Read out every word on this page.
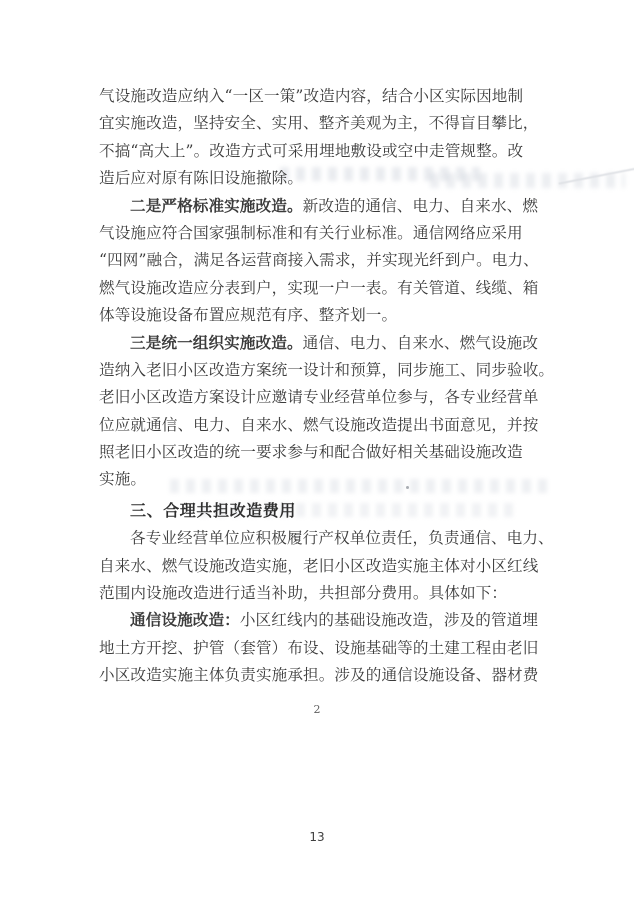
气设施改造应纳入“一区一策”改造内容，结合小区实际因地制
宜实施改造，坚持安全、实用、整齐美观为主，不得盲目攀比，
不搞“高大上”。改造方式可采用埋地敷设或空中走管规整。改
造后应对原有陈旧设施撤除。
二是严格标准实施改造。新改造的通信、电力、自来水、燃
气设施应符合国家强制标准和有关行业标准。通信网络应采用
“四网”融合，满足各运营商接入需求，并实现光纤到户。电力、
燃气设施改造应分表到户，实现一户一表。有关管道、线缆、箱
体等设施设备布置应规范有序、整齐划一。
三是统一组织实施改造。通信、电力、自来水、燃气设施改
造纳入老旧小区改造方案统一设计和预算，同步施工、同步验收。
老旧小区改造方案设计应邀请专业经营单位参与，各专业经营单
位应就通信、电力、自来水、燃气设施改造提出书面意见，并按
照老旧小区改造的统一要求参与和配合做好相关基础设施改造
实施。
三、合理共担改造费用
各专业经营单位应积极履行产权单位责任，负责通信、电力、
自来水、燃气设施改造实施，老旧小区改造实施主体对小区红线
范围内设施改造进行适当补助，共担部分费用。具体如下：
通信设施改造：小区红线内的基础设施改造，涉及的管道埋
地土方开挖、护管（套管）布设、设施基础等的土建工程由老旧
小区改造实施主体负责实施承担。涉及的通信设施设备、器材费
2
13
